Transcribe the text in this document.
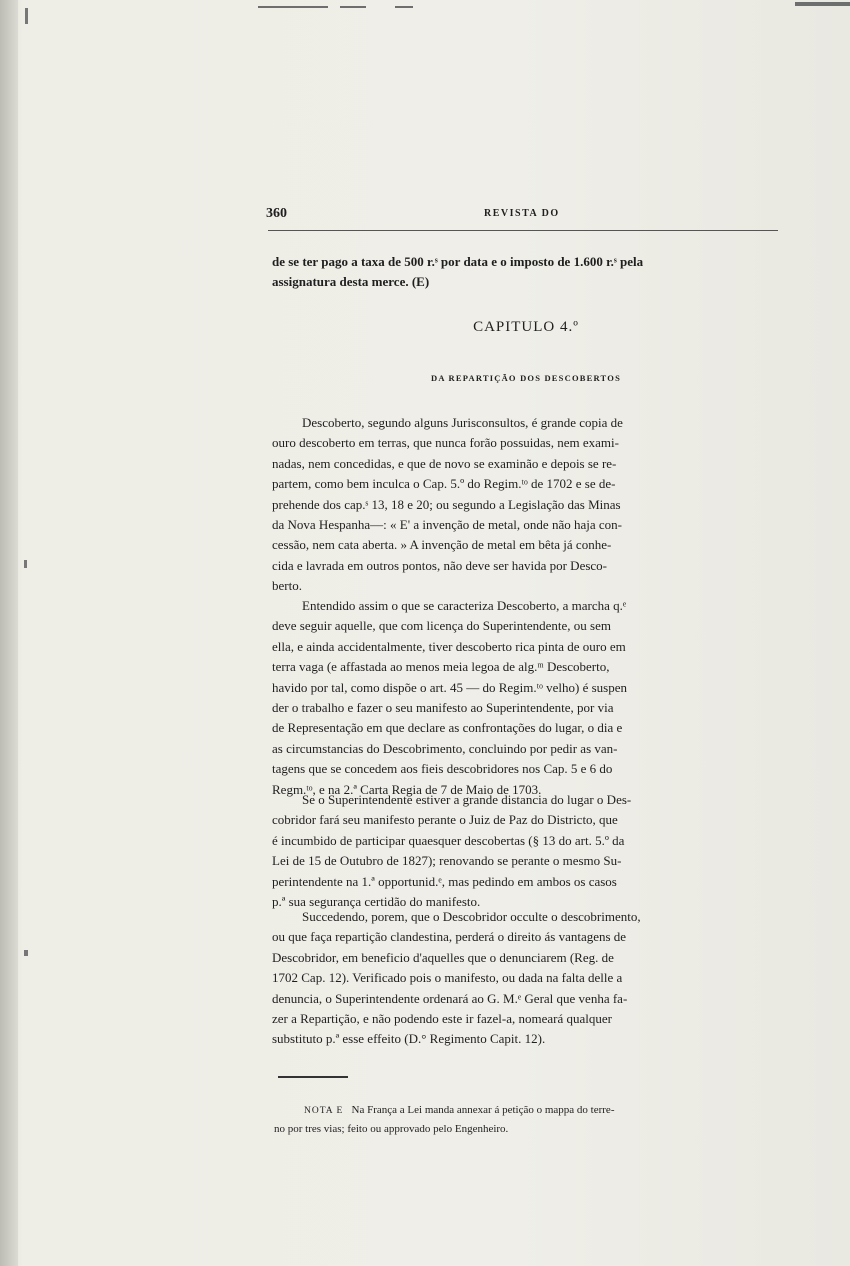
360	REVISTA DO
de se ter pago a taxa de 500 r.ˢ por data e o imposto de 1.600 r.ˢ pela
assignatura desta merce. (E)
CAPITULO 4.º
DA REPARTIÇÃO DOS DESCOBERTOS
Descoberto, segundo alguns Jurisconsultos, é grande copia de
ouro descoberto em terras, que nunca forão possuidas, nem exami-
nadas, nem concedidas, e que de novo se examinão e depois se re-
partem, como bem inculca o Cap. 5.º do Regim.ᵗᵒ de 1702 e se de-
prehende dos cap.ˢ 13, 18 e 20; ou segundo a Legislação das Minas
da Nova Hespanha—: « E' a invenção de metal, onde não haja con-
cessão, nem cata aberta. » A invenção de metal em bêta já conhe-
cida e lavrada em outros pontos, não deve ser havida por Desco-
berto.
Entendido assim o que se caracteriza Descoberto, a marcha q.ᵉ
deve seguir aquelle, que com licença do Superintendente, ou sem
ella, e ainda accidentalmente, tiver descoberto rica pinta de ouro em
terra vaga (e affastada ao menos meia legoa de alg.ᵐ Descoberto,
havido por tal, como dispõe o art. 45 — do Regim.ᵗᵒ velho) é suspen
der o trabalho e fazer o seu manifesto ao Superintendente, por via
de Representação em que declare as confrontações do lugar, o dia e
as circumstancias do Descobrimento, concluindo por pedir as van-
tagens que se concedem aos fieis descobridores nos Cap. 5 e 6 do
Regm.ᵗᵒ, e na 2.ª Carta Regia de 7 de Maio de 1703.
Se o Superintendente estiver a grande distancia do lugar o Des-
cobridor fará seu manifesto perante o Juiz de Paz do Districto, que
é incumbido de participar quaesquer descobertas (§ 13 do art. 5.º da
Lei de 15 de Outubro de 1827); renovando se perante o mesmo Su-
perintendente na 1.ª opportunid.ᵉ, mas pedindo em ambos os casos
p.ª sua segurança certidão do manifesto.
Succedendo, porem, que o Descobridor occulte o descobrimento,
ou que faça repartição clandestina, perderá o direito ás vantagens de
Descobridor, em beneficio d'aquelles que o denunciarem (Reg. de
1702 Cap. 12). Verificado pois o manifesto, ou dada na falta delle a
denuncia, o Superintendente ordenará ao G. M.ᵉ Geral que venha fa-
zer a Repartição, e não podendo este ir fazel-a, nomeará qualquer
substituto p.ª esse effeito (D.° Regimento Capit. 12).
NOTA E Na França a Lei manda annexar á petição o mappa do terre-
no por tres vias; feito ou approvado pelo Engenheiro.
